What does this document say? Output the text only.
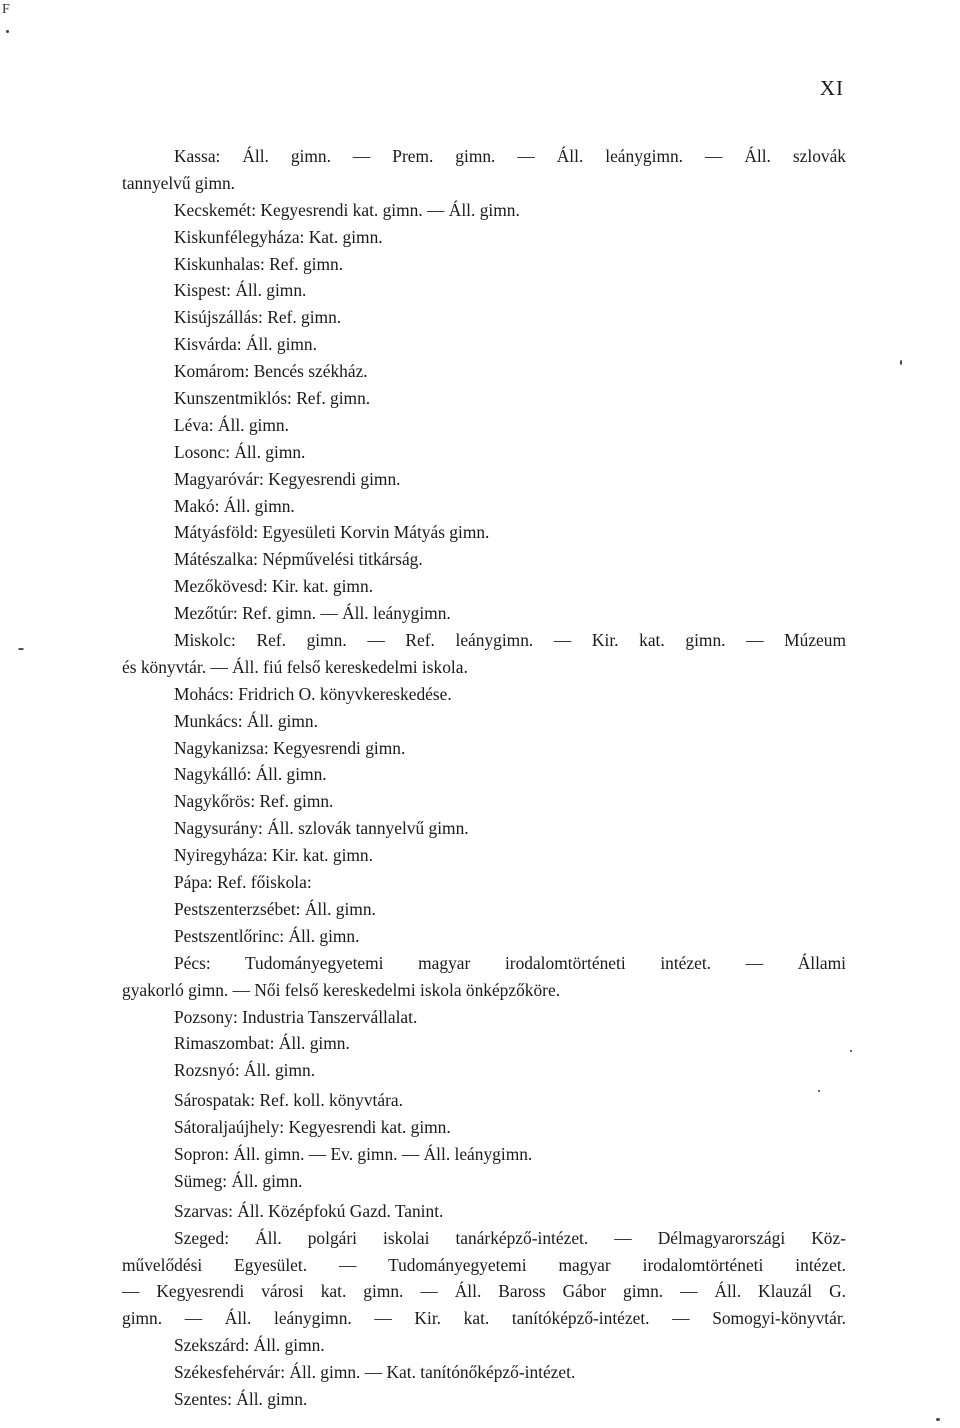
F
XI
Kassa: Áll. gimn. — Prem. gimn. — Áll. leánygimn. — Áll. szlovák
tannyelvű gimn.
Kecskemét: Kegyesrendi kat. gimn. — Áll. gimn.
Kiskunfélegyháza: Kat. gimn.
Kiskunhalas: Ref. gimn.
Kispest: Áll. gimn.
Kisújszállás: Ref. gimn.
Kisvárda: Áll. gimn.
Komárom: Bencés székház.
Kunszentmiklós: Ref. gimn.
Léva: Áll. gimn.
Losonc: Áll. gimn.
Magyaróvár: Kegyesrendi gimn.
Makó: Áll. gimn.
Mátyásföld: Egyesületi Korvin Mátyás gimn.
Mátészalka: Népművelési titkárság.
Mezőkövesd: Kir. kat. gimn.
Mezőtúr: Ref. gimn. — Áll. leánygimn.
Miskolc: Ref. gimn. — Ref. leánygimn. — Kir. kat. gimn. — Múzeum
és könyvtár. — Áll. fiú felső kereskedelmi iskola.
Mohács: Fridrich O. könyvkereskedése.
Munkács: Áll. gimn.
Nagykanizsa: Kegyesrendi gimn.
Nagykálló: Áll. gimn.
Nagykőrös: Ref. gimn.
Nagysurány: Áll. szlovák tannyelvű gimn.
Nyiregyháza: Kir. kat. gimn.
Pápa: Ref. főiskola:
Pestszenterzsébet: Áll. gimn.
Pestszentlőrinc: Áll. gimn.
Pécs: Tudományegyetemi magyar irodalomtörténeti intézet. — Állami
gyakorló gimn. — Női felső kereskedelmi iskola önképzőköre.
Pozsony: Industria Tanszervállalat.
Rimaszombat: Áll. gimn.
Rozsnyó: Áll. gimn.
Sárospatak: Ref. koll. könyvtára.
Sátoraljaújhely: Kegyesrendi kat. gimn.
Sopron: Áll. gimn. — Ev. gimn. — Áll. leánygimn.
Sümeg: Áll. gimn.
Szarvas: Áll. Középfokú Gazd. Tanint.
Szeged: Áll. polgári iskolai tanárképző-intézet. — Délmagyarországi Köz-
művelődési Egyesület. — Tudományegyetemi magyar irodalomtörténeti intézet.
— Kegyesrendi városi kat. gimn. — Áll. Baross Gábor gimn. — Áll. Klauzál G.
gimn. — Áll. leánygimn. — Kir. kat. tanítóképző-intézet. — Somogyi-könyvtár.
Szekszárd: Áll. gimn.
Székesfehérvár: Áll. gimn. — Kat. tanítónőképző-intézet.
Szentes: Áll. gimn.
